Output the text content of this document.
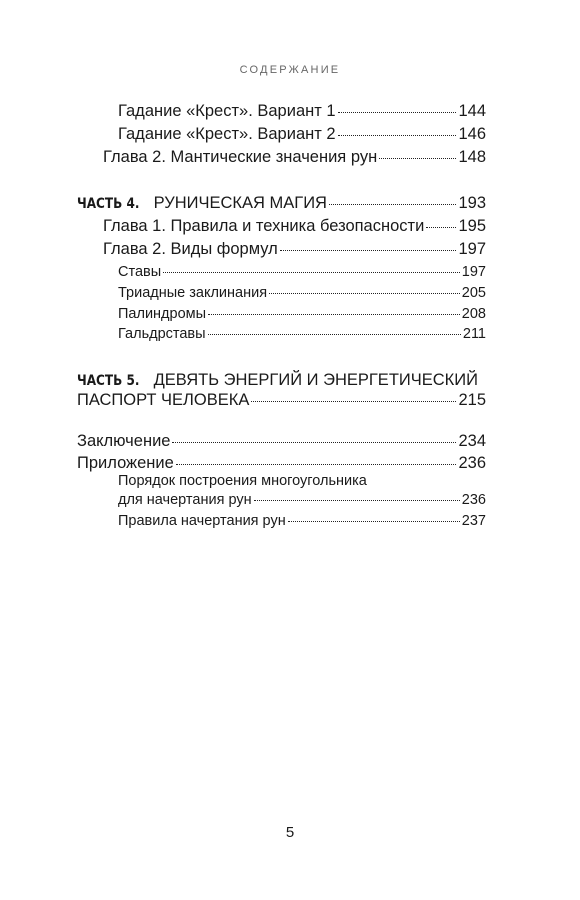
СОДЕРЖАНИЕ
Гадание «Крест». Вариант 1	144
Гадание «Крест». Вариант 2	146
Глава 2. Мантические значения рун	148
ЧАСТЬ 4. РУНИЧЕСКАЯ МАГИЯ	193
Глава 1. Правила и техника безопасности 195
Глава 2. Виды формул	197
Ставы	197
Триадные заклинания	205
Палиндромы	208
Гальдрставы	211
ЧАСТЬ 5. ДЕВЯТЬ ЭНЕРГИЙ И ЭНЕРГЕТИЧЕСКИЙ
ПАСПОРТ ЧЕЛОВЕКА	215
Заключение	234
Приложение	236
Порядок построения многоугольника
для начертания рун	236
Правила начертания рун	237
5
